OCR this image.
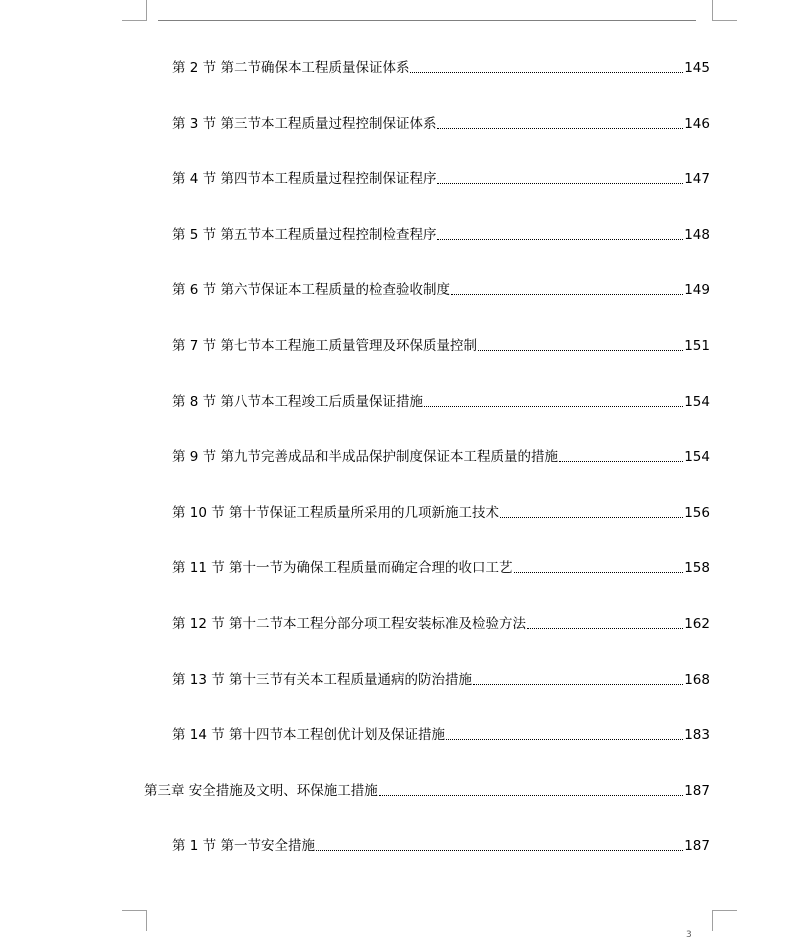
第 2 节 第二节确保本工程质量保证体系	145
第 3 节 第三节本工程质量过程控制保证体系	146
第 4 节 第四节本工程质量过程控制保证程序	147
第 5 节 第五节本工程质量过程控制检查程序	148
第 6 节 第六节保证本工程质量的检查验收制度	149
第 7 节 第七节本工程施工质量管理及环保质量控制	151
第 8 节 第八节本工程竣工后质量保证措施	154
第 9 节 第九节完善成品和半成品保护制度保证本工程质量的措施	154
第 10 节 第十节保证工程质量所采用的几项新施工技术	156
第 11 节 第十一节为确保工程质量而确定合理的收口工艺	158
第 12 节 第十二节本工程分部分项工程安装标准及检验方法	162
第 13 节 第十三节有关本工程质量通病的防治措施	168
第 14 节 第十四节本工程创优计划及保证措施	183
第三章 安全措施及文明、环保施工措施	187
第 1 节 第一节安全措施	187
3
